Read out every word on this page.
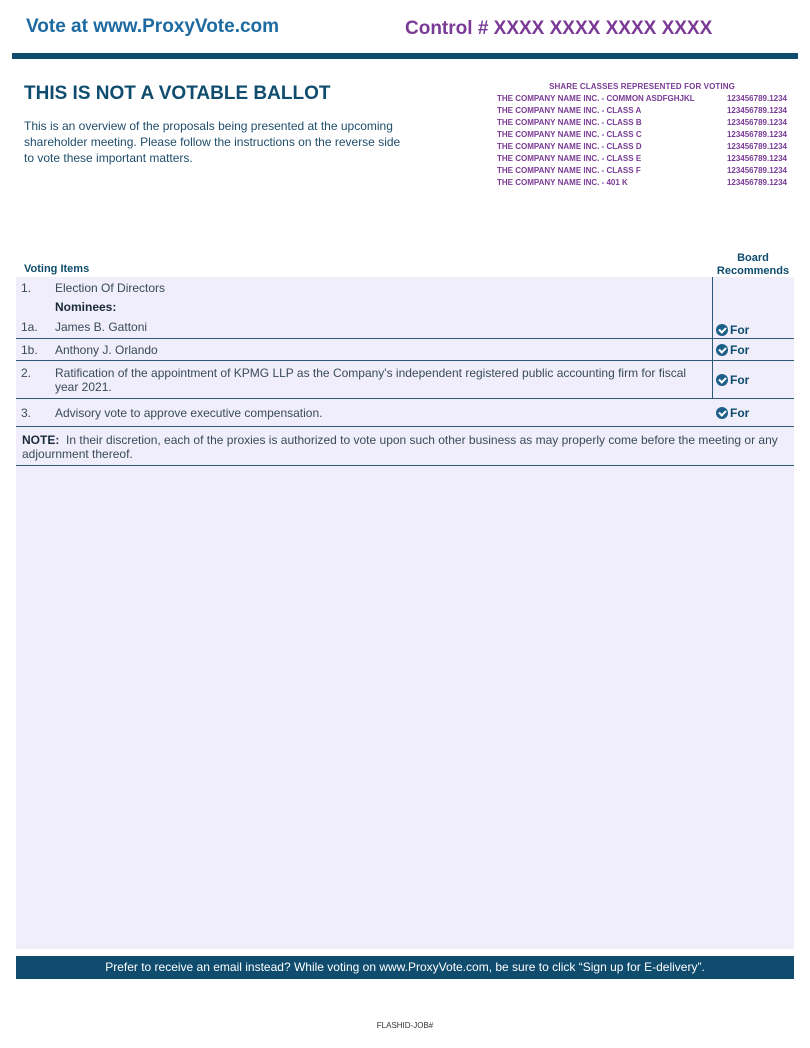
Vote at www.ProxyVote.com	Control # XXXX XXXX XXXX XXXX
THIS IS NOT A VOTABLE BALLOT
This is an overview of the proposals being presented at the upcoming shareholder meeting. Please follow the instructions on the reverse side to vote these important matters.
SHARE CLASSES REPRESENTED FOR VOTING
THE COMPANY NAME INC. - COMMON ASDFGHJKL	123456789.1234
THE COMPANY NAME INC. - CLASS A	123456789.1234
THE COMPANY NAME INC. - CLASS B	123456789.1234
THE COMPANY NAME INC. - CLASS C	123456789.1234
THE COMPANY NAME INC. - CLASS D	123456789.1234
THE COMPANY NAME INC. - CLASS E	123456789.1234
THE COMPANY NAME INC. - CLASS F	123456789.1234
THE COMPANY NAME INC. - 401 K	123456789.1234
Voting Items
Board
Recommends
1. Election Of Directors
Nominees:
1a. James B. Gattoni	For
1b. Anthony J. Orlando	For
2. Ratification of the appointment of KPMG LLP as the Company's independent registered public accounting firm for fiscal year 2021.	For
3. Advisory vote to approve executive compensation.	For
NOTE: In their discretion, each of the proxies is authorized to vote upon such other business as may properly come before the meeting or any adjournment thereof.
Prefer to receive an email instead? While voting on www.ProxyVote.com, be sure to click “Sign up for E-delivery”.
FLASHID-JOB#
